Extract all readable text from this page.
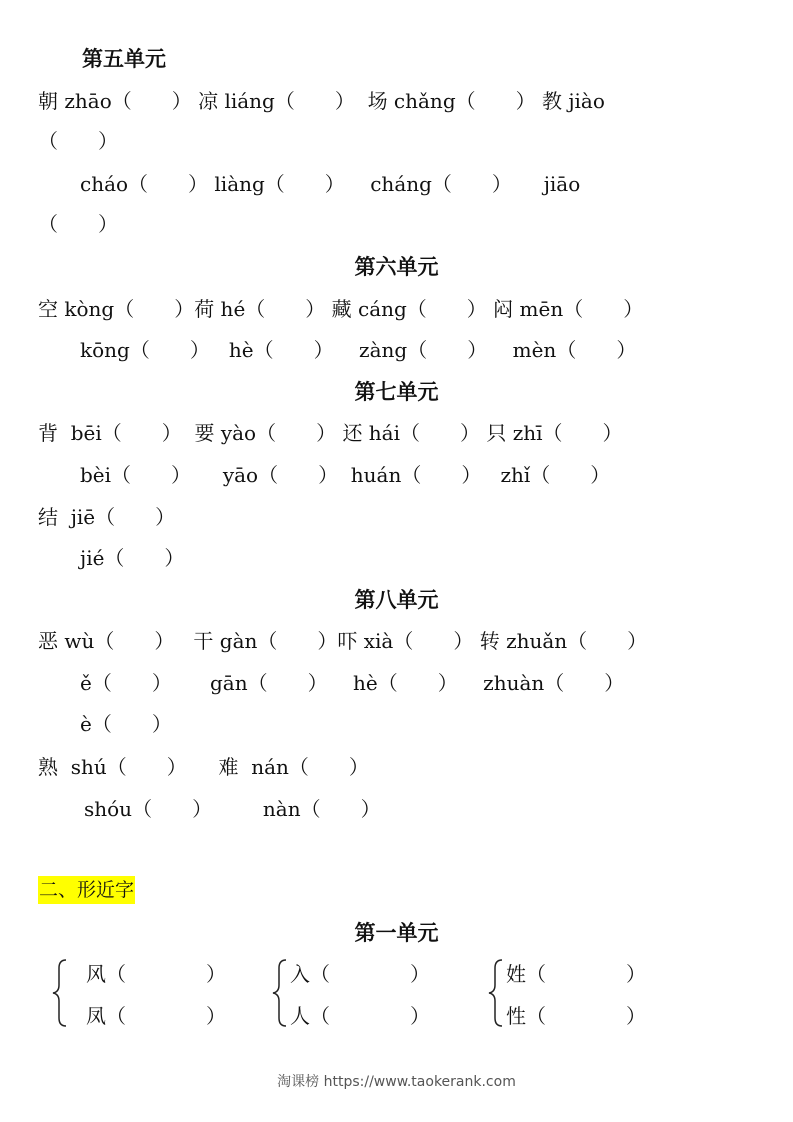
第五单元
朝 zhāo（　　） 凉 liáng（　　）  场 chǎng（　　） 教 jiào
（　　）
cháo（　　） liàng（　　）    cháng（　　）     jiāo
（　　）
第六单元
空 kòng（　　）荷 hé（　　） 藏 cáng（　　） 闷 mēn（　　）
kōng（　　）   hè（　　）    zàng（　　）    mèn（　　）
第七单元
背  bēi（　　）  要 yào（　　） 还 hái（　　） 只 zhī（　　）
bèi（　　）     yāo（　　）  huán（　　）   zhǐ（　　）
结  jiē（　　）
jié（　　）
第八单元
恶 wù（　　）   干 gàn（　　）吓 xià（　　） 转 zhuǎn（　　）
ě（　　）      gān（　　）    hè（　　）    zhuàn（　　）
è（　　）
熟  shú（　　）     难  nán（　　）
shóu（　　）        nàn（　　）
二、形近字
第一单元
风（　　　　）
凤（　　　　）
入（　　　　）
人（　　　　）
姓（　　　　）
性（　　　　）
淘课榜 https://www.taokerank.com
